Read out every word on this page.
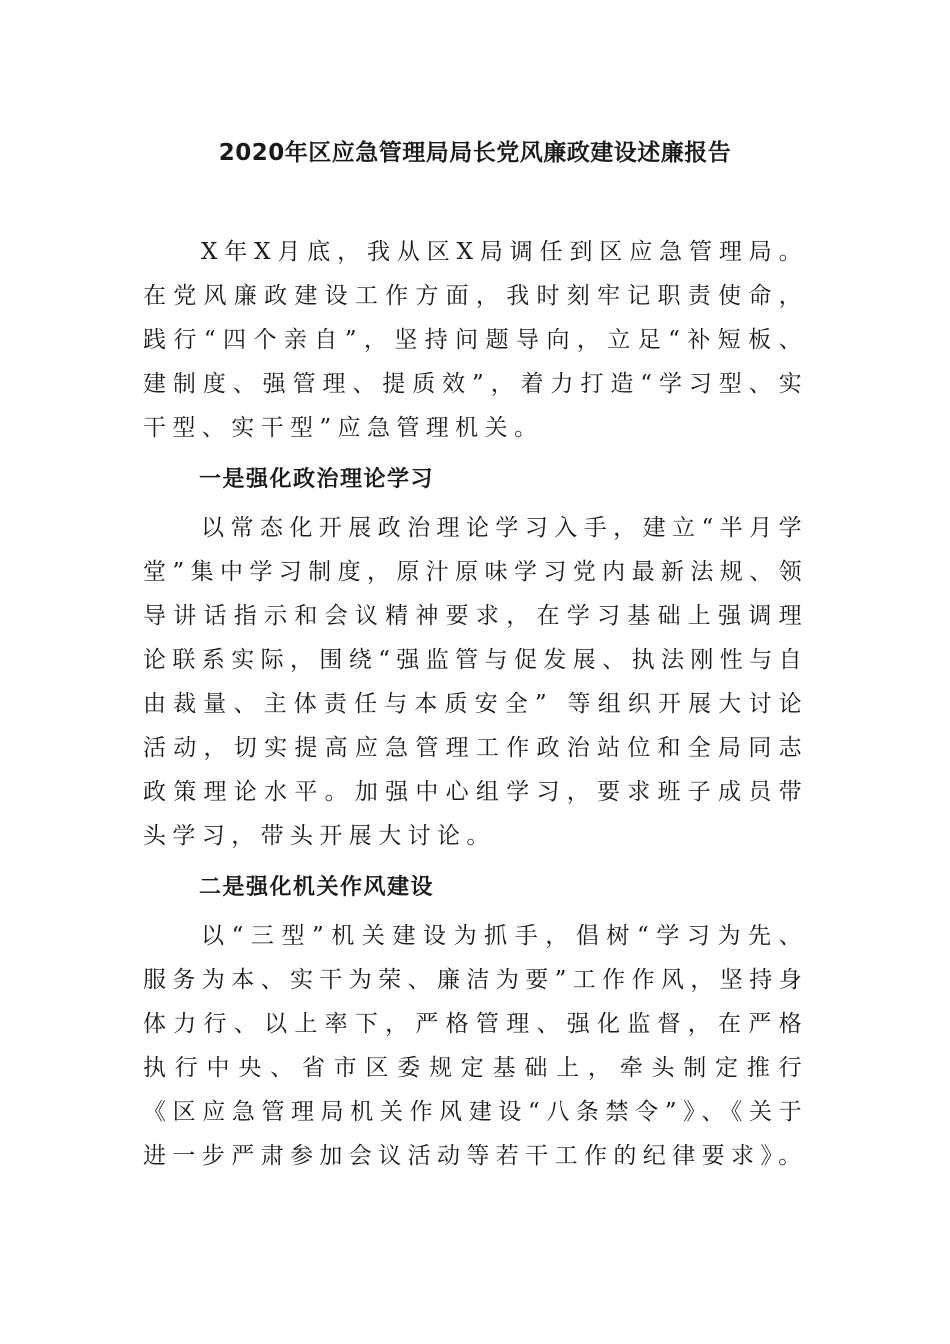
2020年区应急管理局局长党风廉政建设述廉报告

X年X月底，我从区X局调任到区应急管理局。在党风廉政建设工作方面，我时刻牢记职责使命，践行“四个亲自”，坚持问题导向，立足“补短板、建制度、强管理、提质效”，着力打造“学习型、实干型、实干型”应急管理机关。

一是强化政治理论学习

以常态化开展政治理论学习入手，建立“半月学堂”集中学习制度，原汁原味学习党内最新法规、领导讲话指示和会议精神要求，在学习基础上强调理论联系实际，围绕“强监管与促发展、执法刚性与自由裁量、主体责任与本质安全” 等组织开展大讨论活动，切实提高应急管理工作政治站位和全局同志政策理论水平。加强中心组学习，要求班子成员带头学习，带头开展大讨论。

二是强化机关作风建设

以“三型”机关建设为抓手，倡树“学习为先、服务为本、实干为荣、廉洁为要”工作作风，坚持身体力行、以上率下，严格管理、强化监督，在严格执行中央、省市区委规定基础上，牵头制定推行《区应急管理局机关作风建设“八条禁令”》、《关于进一步严肃参加会议活动等若干工作的纪律要求》。
